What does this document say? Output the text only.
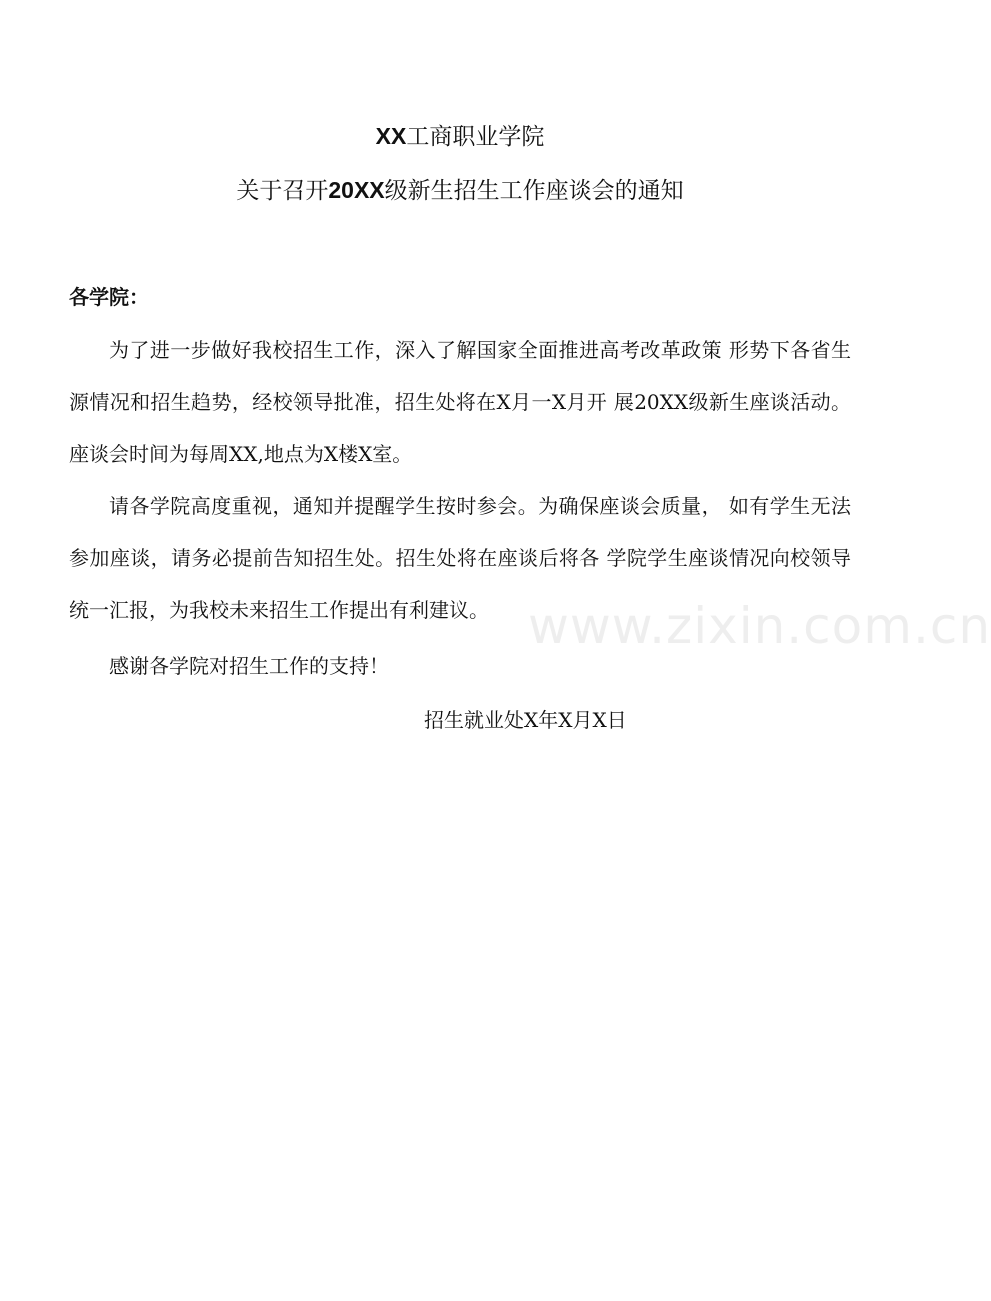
XX工商职业学院
关于召开20XX级新生招生工作座谈会的通知
各学院：

为了进一步做好我校招生工作，深入了解国家全面推进高考改革政策 形势下各省生源情况和招生趋势，经校领导批准，招生处将在X月一X月开 展20XX级新生座谈活动。座谈会时间为每周XX,地点为X楼X室。

请各学院高度重视，通知并提醒学生按时参会。为确保座谈会质量， 如有学生无法参加座谈，请务必提前告知招生处。招生处将在座谈后将各 学院学生座谈情况向校领导统一汇报，为我校未来招生工作提出有利建议。

感谢各学院对招生工作的支持！

招生就业处X年X月X日
www.zixin.com.cn
